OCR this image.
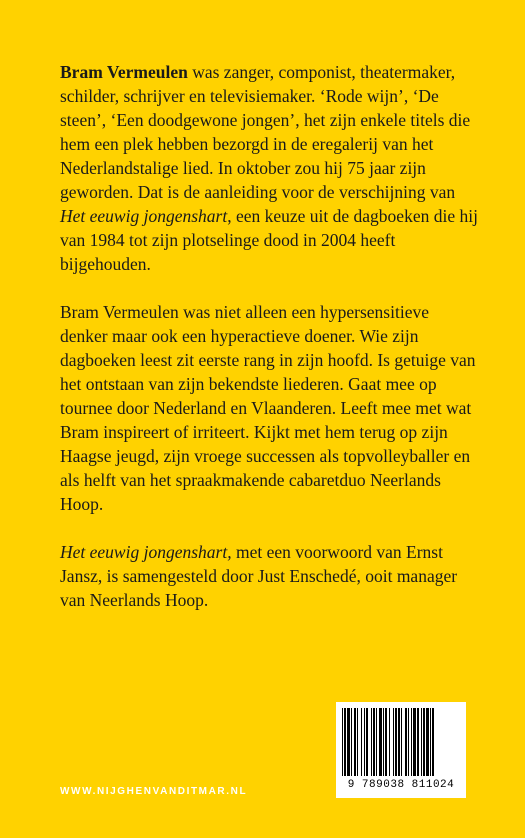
Bram Vermeulen was zanger, componist, theatermaker, schilder, schrijver en televisiemaker. ‘Rode wijn’, ‘De steen’, ‘Een doodgewone jongen’, het zijn enkele titels die hem een plek hebben bezorgd in de eregalerij van het Nederlandstalige lied. In oktober zou hij 75 jaar zijn geworden. Dat is de aanleiding voor de verschijning van Het eeuwig jongenshart, een keuze uit de dagboeken die hij van 1984 tot zijn plotselinge dood in 2004 heeft bijgehouden.

Bram Vermeulen was niet alleen een hypersensitieve denker maar ook een hyperactieve doener. Wie zijn dagboeken leest zit eerste rang in zijn hoofd. Is getuige van het ontstaan van zijn bekendste liederen. Gaat mee op tournee door Nederland en Vlaanderen. Leeft mee met wat Bram inspireert of irriteert. Kijkt met hem terug op zijn Haagse jeugd, zijn vroege successen als topvolleyballer en als helft van het spraakmakende cabaretduo Neerlands Hoop.

Het eeuwig jongenshart, met een voorwoord van Ernst Jansz, is samengesteld door Just Enschedé, ooit manager van Neerlands Hoop.

WWW.NIJGHENVANDITMAR.NL
9 789038 811024
